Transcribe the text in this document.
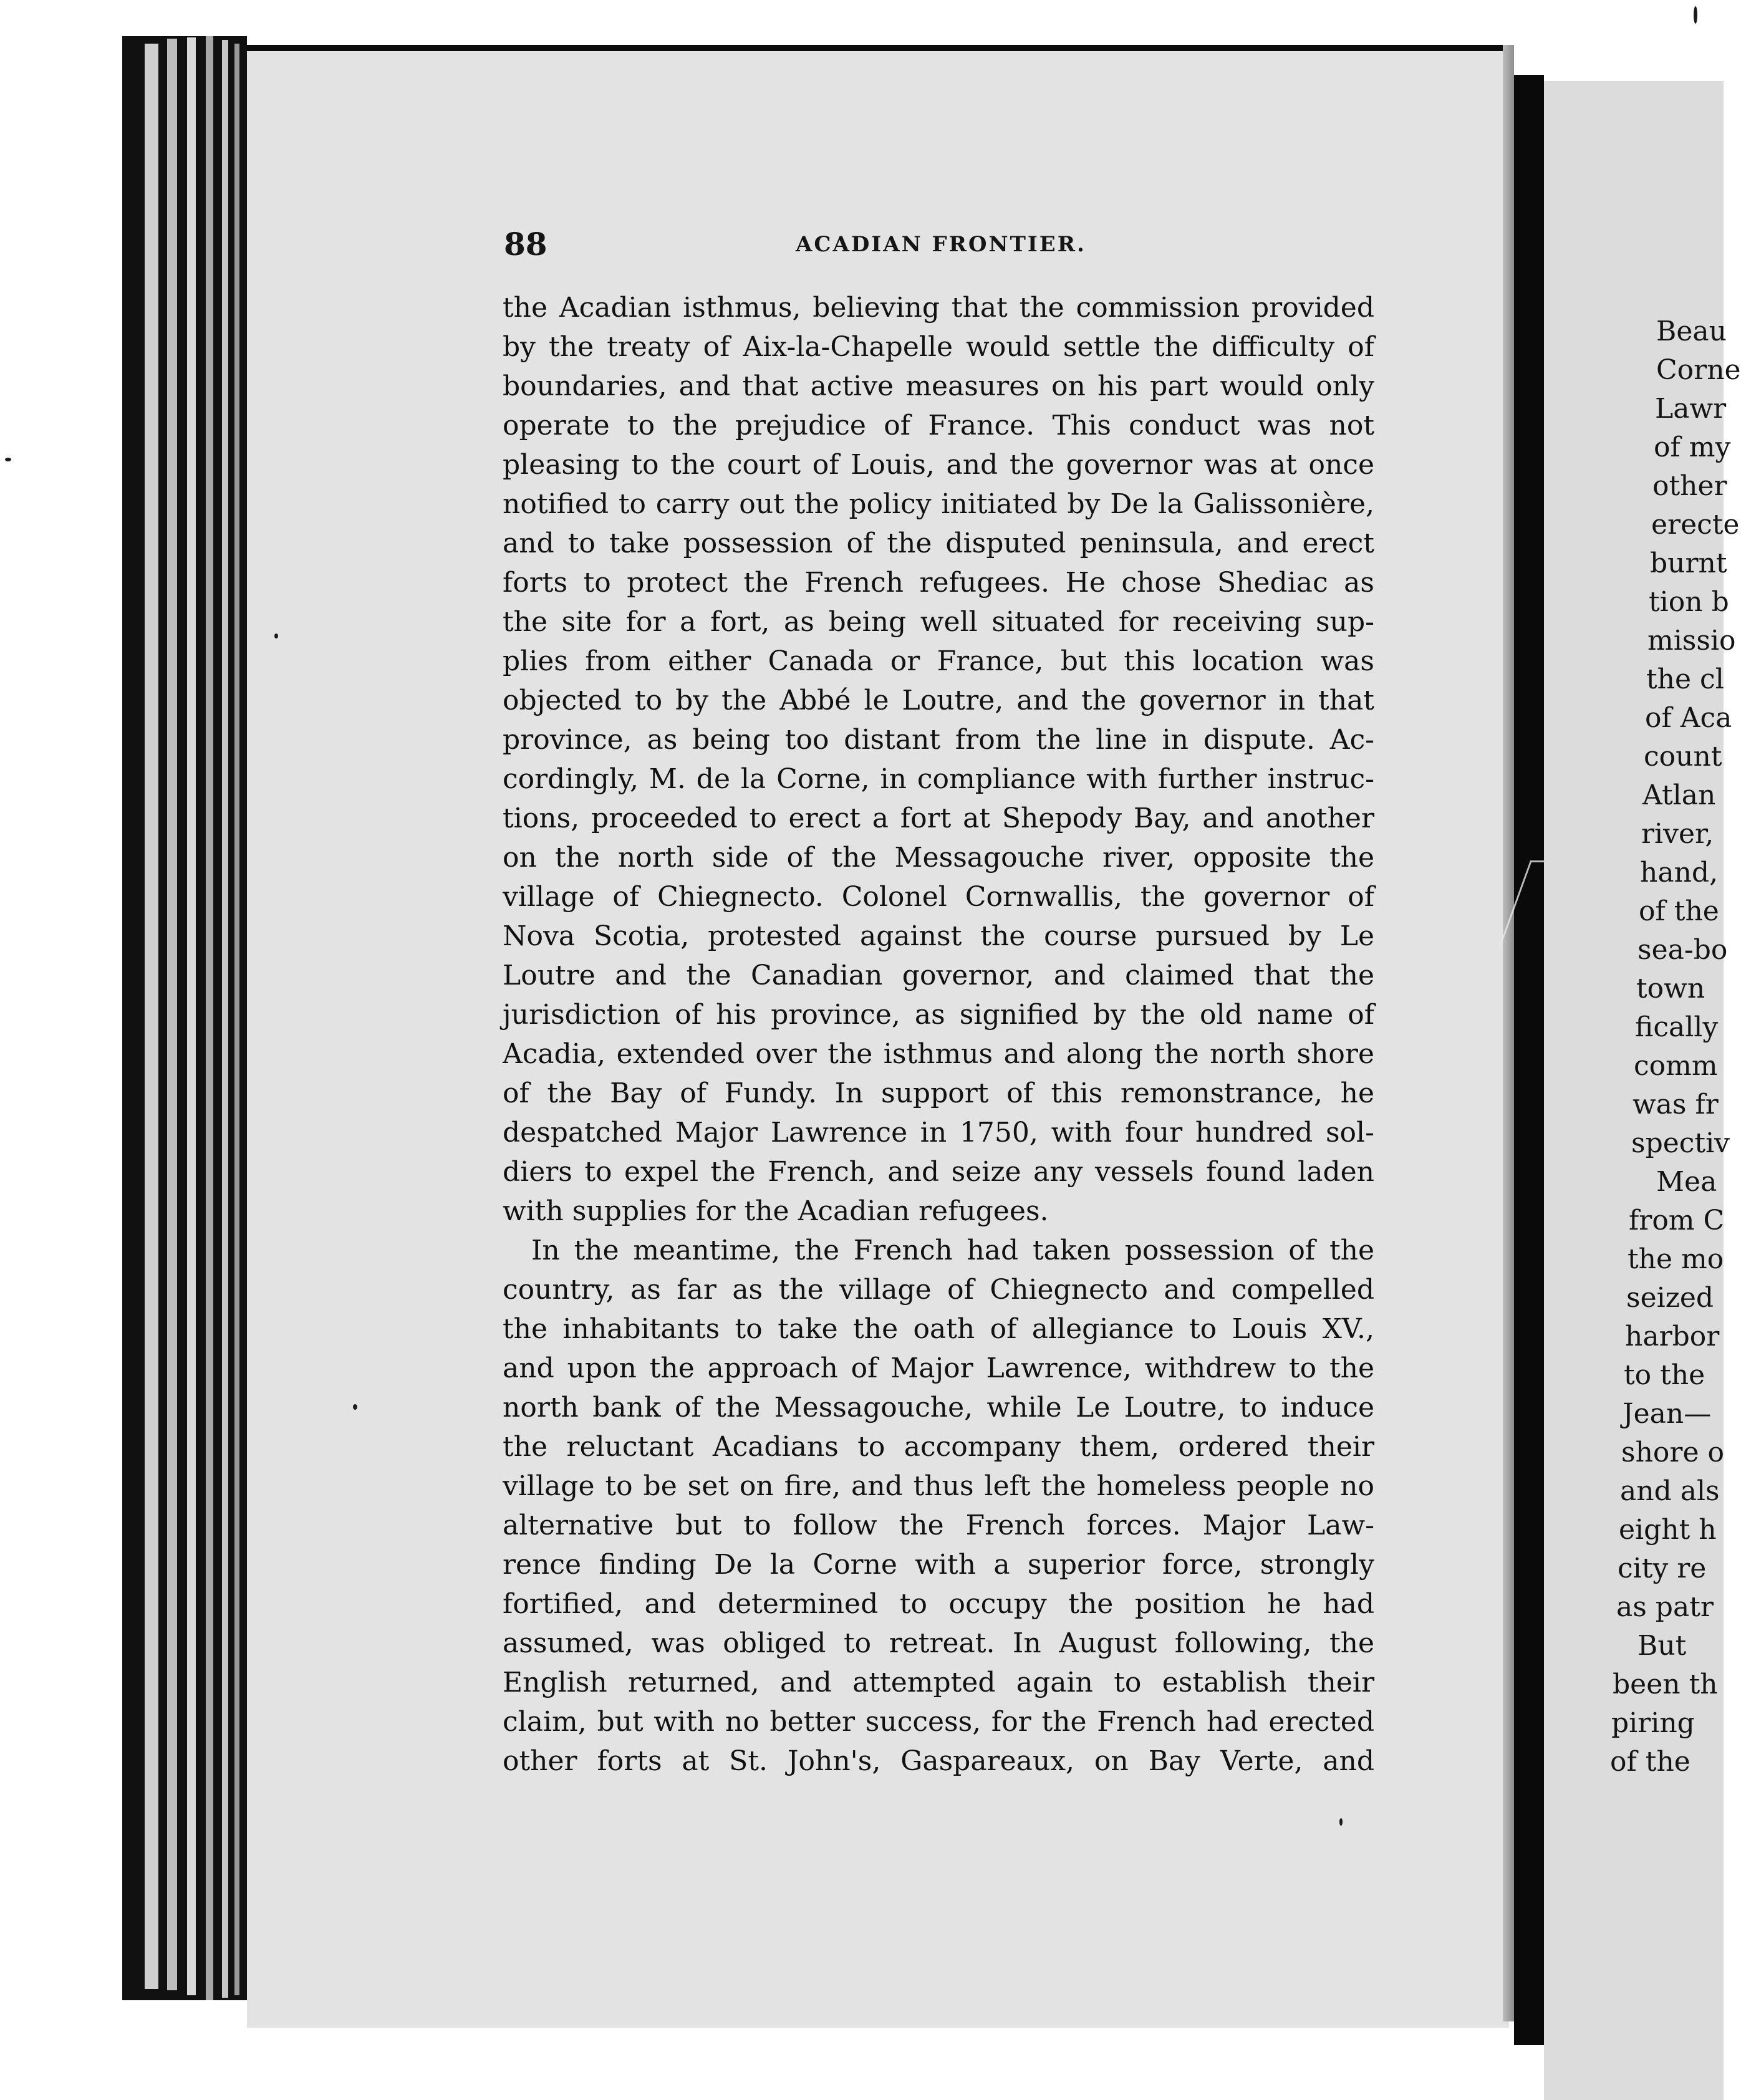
88	ACADIAN FRONTIER.
the Acadian isthmus, believing that the commission provided
by the treaty of Aix-la-Chapelle would settle the difficulty of
boundaries, and that active measures on his part would only
operate to the prejudice of France. This conduct was not
pleasing to the court of Louis, and the governor was at once
notified to carry out the policy initiated by De la Galissonière,
and to take possession of the disputed peninsula, and erect
forts to protect the French refugees. He chose Shediac as
the site for a fort, as being well situated for receiving sup-
plies from either Canada or France, but this location was
objected to by the Abbé le Loutre, and the governor in that
province, as being too distant from the line in dispute. Ac-
cordingly, M. de la Corne, in compliance with further instruc-
tions, proceeded to erect a fort at Shepody Bay, and another
on the north side of the Messagouche river, opposite the
village of Chiegnecto. Colonel Cornwallis, the governor of
Nova Scotia, protested against the course pursued by Le
Loutre and the Canadian governor, and claimed that the
jurisdiction of his province, as signified by the old name of
Acadia, extended over the isthmus and along the north shore
of the Bay of Fundy. In support of this remonstrance, he
despatched Major Lawrence in 1750, with four hundred sol-
diers to expel the French, and seize any vessels found laden
with supplies for the Acadian refugees.
In the meantime, the French had taken possession of the
country, as far as the village of Chiegnecto and compelled
the inhabitants to take the oath of allegiance to Louis XV.,
and upon the approach of Major Lawrence, withdrew to the
north bank of the Messagouche, while Le Loutre, to induce
the reluctant Acadians to accompany them, ordered their
village to be set on fire, and thus left the homeless people no
alternative but to follow the French forces. Major Law-
rence finding De la Corne with a superior force, strongly
fortified, and determined to occupy the position he had
assumed, was obliged to retreat. In August following, the
English returned, and attempted again to establish their
claim, but with no better success, for the French had erected
other forts at St. John's, Gaspareaux, on Bay Verte, and
Beau
Corne
Lawr
of my
other
erecte
burnt
tion b
missio
the cl
of Aca
count
Atlan
river,
hand,
of the
sea-bo
town
fically
comm
was fr
spectiv
Mea
from C
the mo
seized
harbor
to the
Jean—
shore o
and als
eight h
city re
as patr
But
been th
piring
of the
